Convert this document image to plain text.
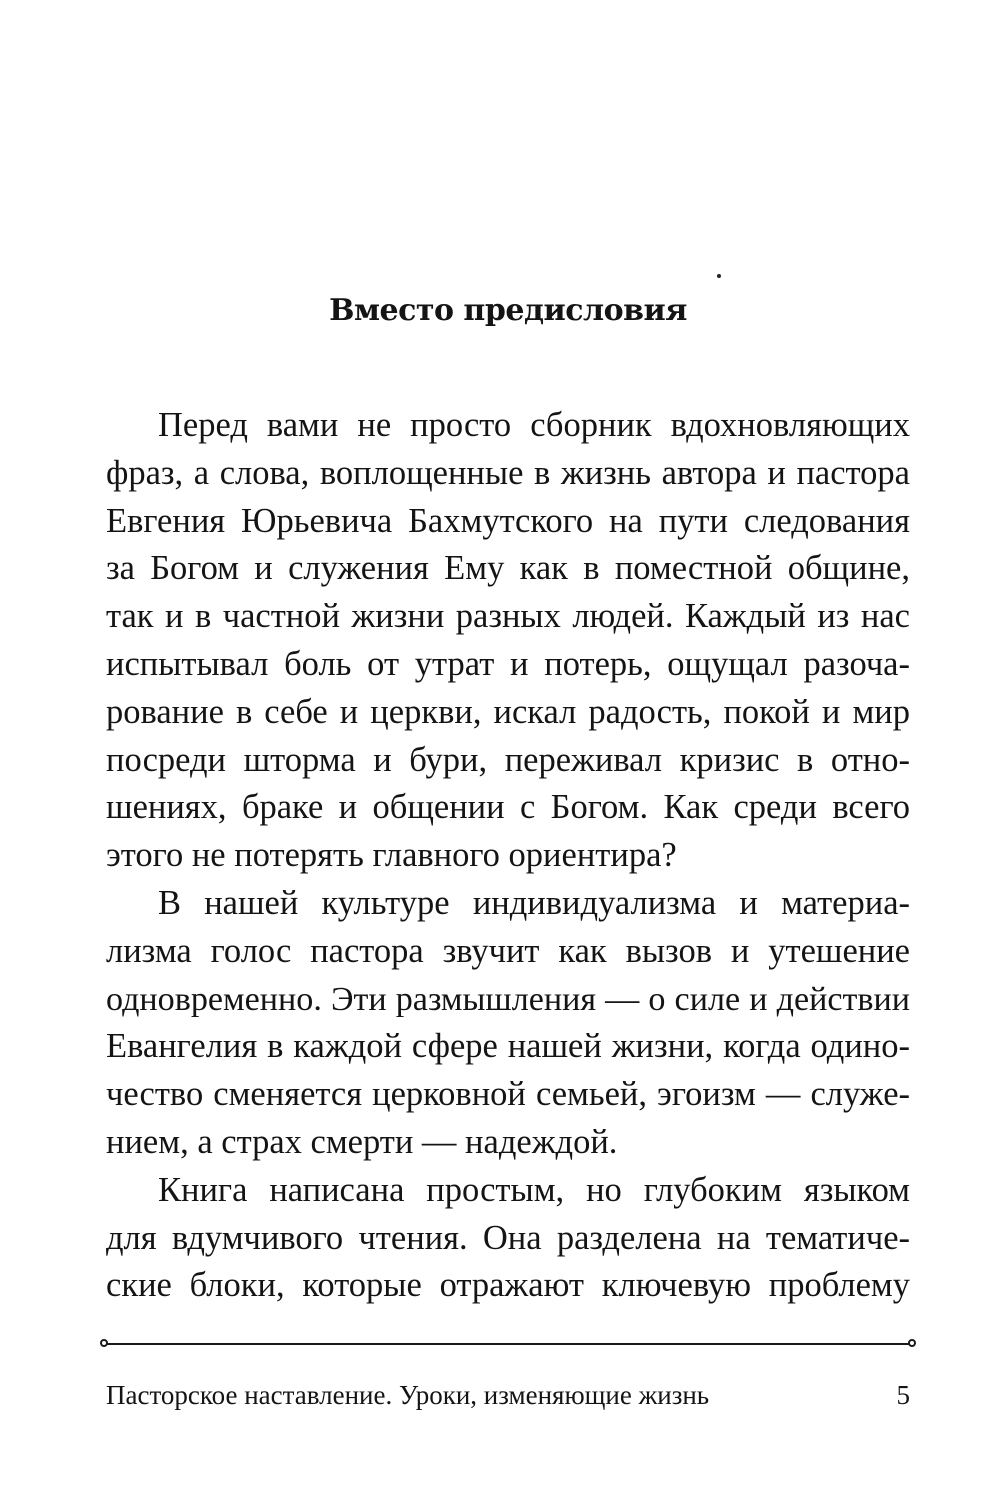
Вместо предисловия

Перед вами не просто сборник вдохновляющих
фраз, а слова, воплощенные в жизнь автора и пастора
Евгения Юрьевича Бахмутского на пути следования
за Богом и служения Ему как в поместной общине,
так и в частной жизни разных людей. Каждый из нас
испытывал боль от утрат и потерь, ощущал разоча-
рование в себе и церкви, искал радость, покой и мир
посреди шторма и бури, переживал кризис в отно-
шениях, браке и общении с Богом. Как среди всего
этого не потерять главного ориентира?

В нашей культуре индивидуализма и материа-
лизма голос пастора звучит как вызов и утешение
одновременно. Эти размышления — о силе и действии
Евангелия в каждой сфере нашей жизни, когда одино-
чество сменяется церковной семьей, эгоизм — служе-
нием, а страх смерти — надеждой.

Книга написана простым, но глубоким языком
для вдумчивого чтения. Она разделена на тематиче-
ские блоки, которые отражают ключевую проблему

Пасторское наставление. Уроки, изменяющие жизнь	5
